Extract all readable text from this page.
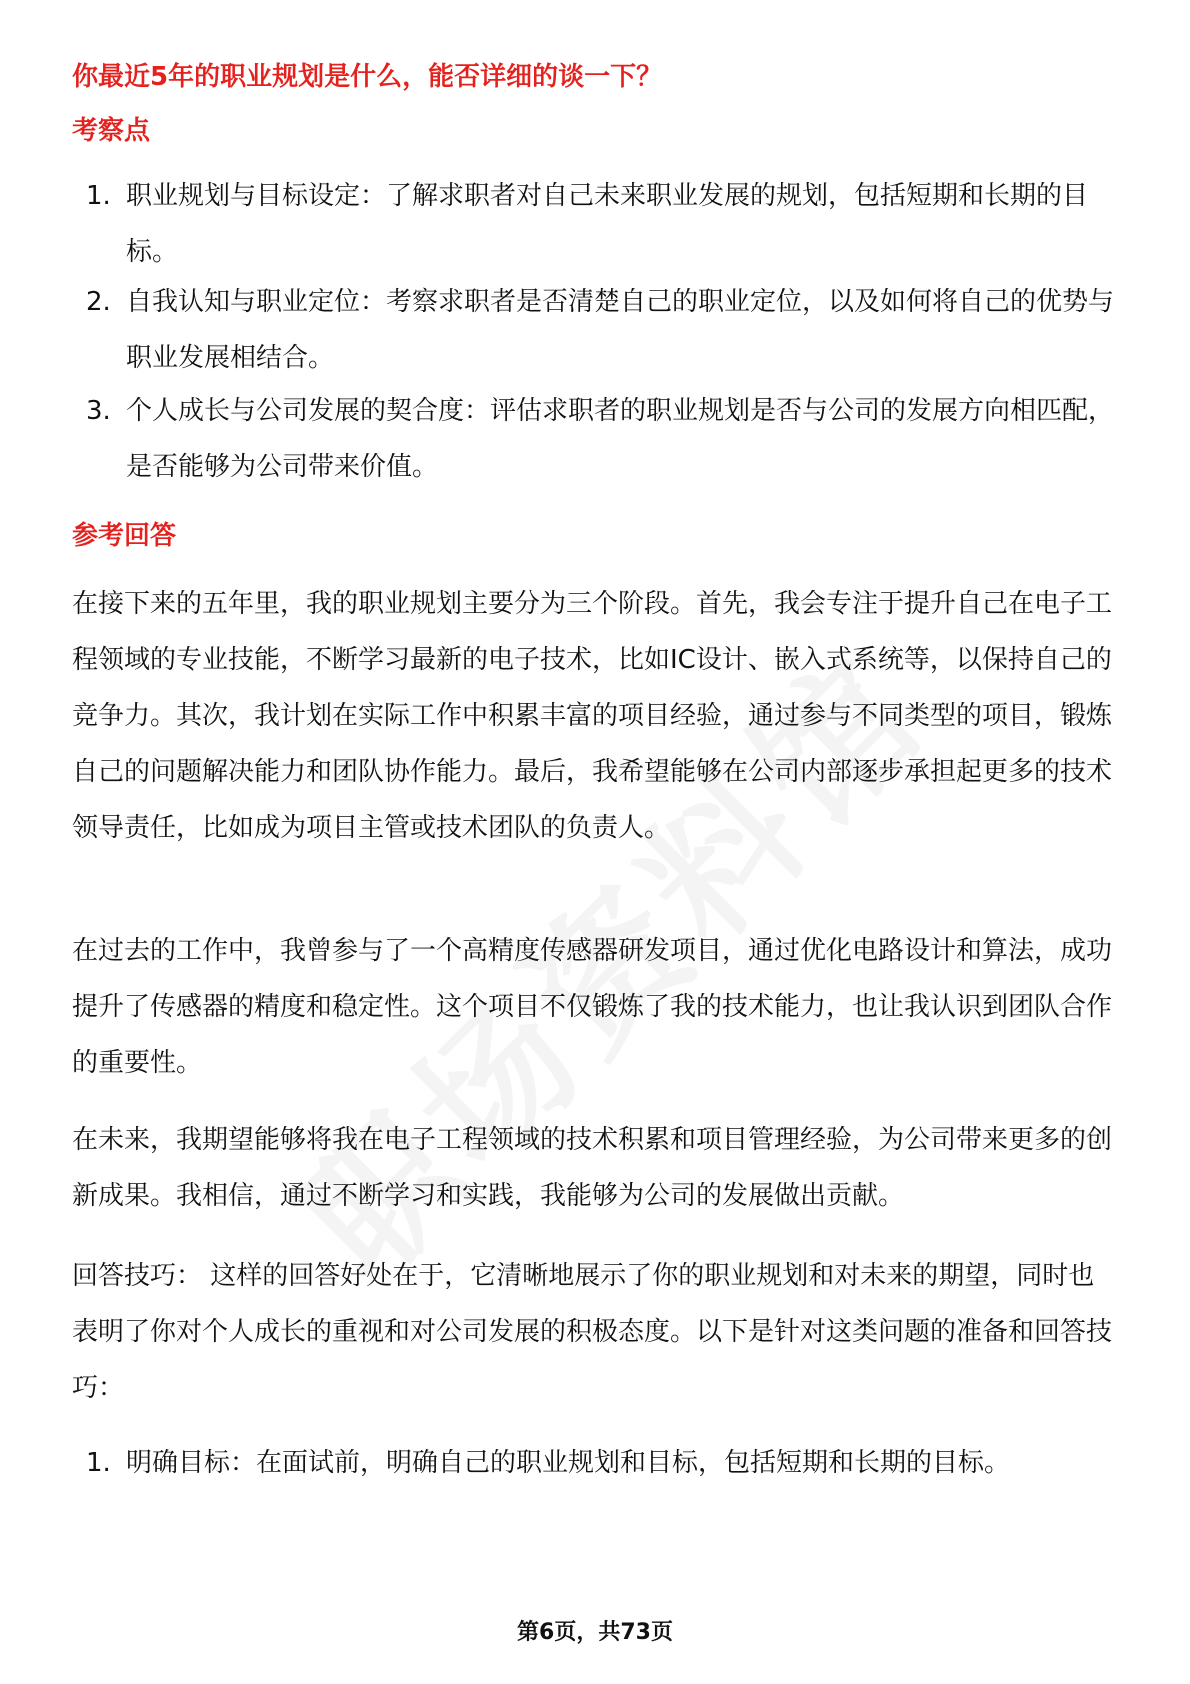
你最近5年的职业规划是什么，能否详细的谈一下？
考察点
1. 职业规划与目标设定：了解求职者对自己未来职业发展的规划，包括短期和长期的目标。
2. 自我认知与职业定位：考察求职者是否清楚自己的职业定位，以及如何将自己的优势与职业发展相结合。
3. 个人成长与公司发展的契合度：评估求职者的职业规划是否与公司的发展方向相匹配，是否能够为公司带来价值。
参考回答
在接下来的五年里，我的职业规划主要分为三个阶段。首先，我会专注于提升自己在电子工程领域的专业技能，不断学习最新的电子技术，比如IC设计、嵌入式系统等，以保持自己的竞争力。其次，我计划在实际工作中积累丰富的项目经验，通过参与不同类型的项目，锻炼自己的问题解决能力和团队协作能力。最后，我希望能够在公司内部逐步承担起更多的技术领导责任，比如成为项目主管或技术团队的负责人。
在过去的工作中，我曾参与了一个高精度传感器研发项目，通过优化电路设计和算法，成功提升了传感器的精度和稳定性。这个项目不仅锻炼了我的技术能力，也让我认识到团队合作的重要性。
在未来，我期望能够将我在电子工程领域的技术积累和项目管理经验，为公司带来更多的创新成果。我相信，通过不断学习和实践，我能够为公司的发展做出贡献。
回答技巧： 这样的回答好处在于，它清晰地展示了你的职业规划和对未来的期望，同时也表明了你对个人成长的重视和对公司发展的积极态度。以下是针对这类问题的准备和回答技巧：
1. 明确目标：在面试前，明确自己的职业规划和目标，包括短期和长期的目标。
第6页，共73页
